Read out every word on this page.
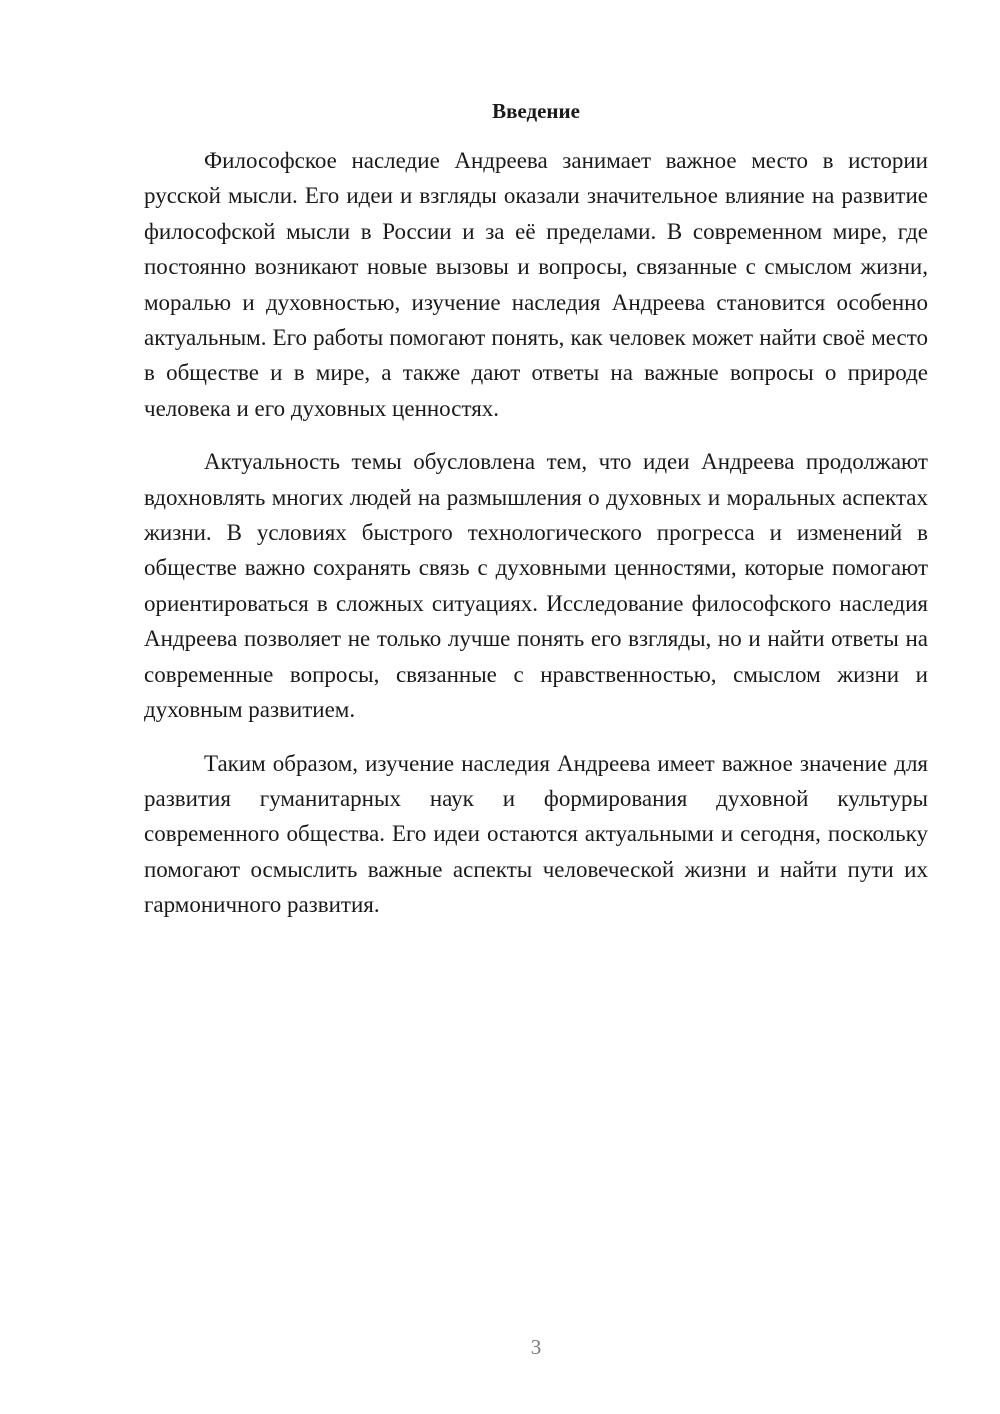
Введение

Философское наследие Андреева занимает важное место в истории русской мысли. Его идеи и взгляды оказали значительное влияние на развитие философской мысли в России и за её пределами. В современном мире, где постоянно возникают новые вызовы и вопросы, связанные с смыслом жизни, моралью и духовностью, изучение наследия Андреева становится особенно актуальным. Его работы помогают понять, как человек может найти своё место в обществе и в мире, а также дают ответы на важные вопросы о природе человека и его духовных ценностях.

Актуальность темы обусловлена тем, что идеи Андреева продолжают вдохновлять многих людей на размышления о духовных и моральных аспектах жизни. В условиях быстрого технологического прогресса и изменений в обществе важно сохранять связь с духовными ценностями, которые помогают ориентироваться в сложных ситуациях. Исследование философского наследия Андреева позволяет не только лучше понять его взгляды, но и найти ответы на современные вопросы, связанные с нравственностью, смыслом жизни и духовным развитием.

Таким образом, изучение наследия Андреева имеет важное значение для развития гуманитарных наук и формирования духовной культуры современного общества. Его идеи остаются актуальными и сегодня, поскольку помогают осмыслить важные аспекты человеческой жизни и найти пути их гармоничного развития.

3
